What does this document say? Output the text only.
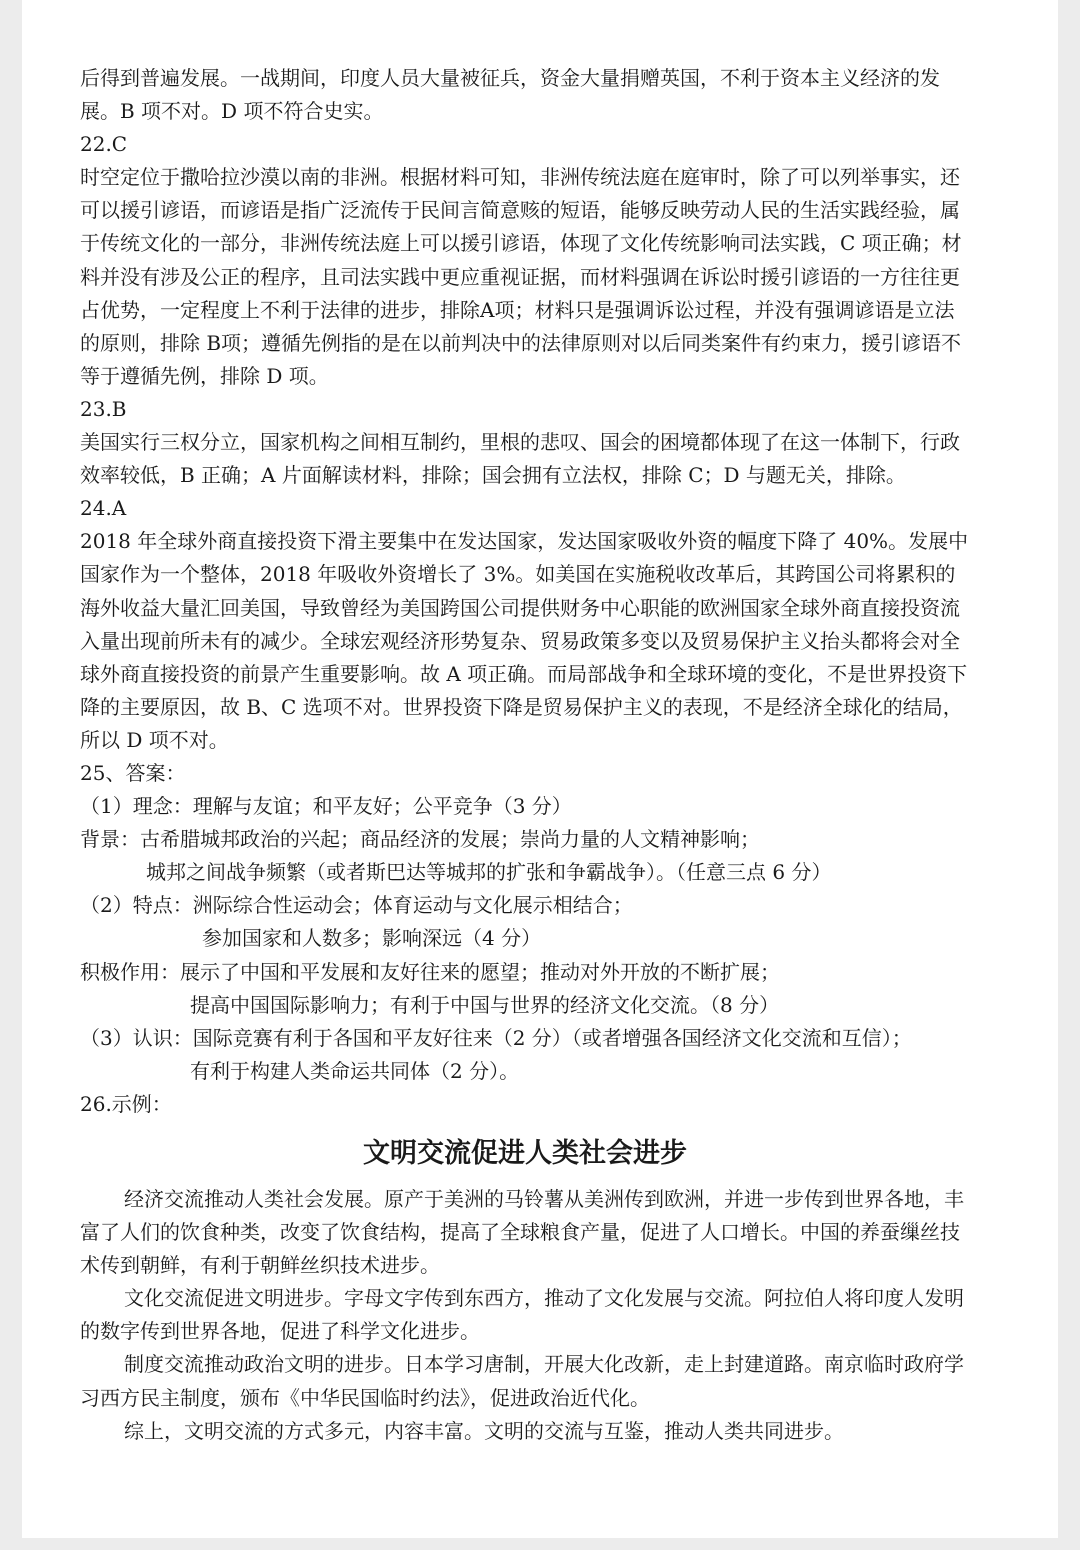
后得到普遍发展。一战期间，印度人员大量被征兵，资金大量捐赠英国，不利于资本主义经济的发展。B 项不对。D 项不符合史实。

22.C

时空定位于撒哈拉沙漠以南的非洲。根据材料可知，非洲传统法庭在庭审时，除了可以列举事实，还可以援引谚语，而谚语是指广泛流传于民间言简意赅的短语，能够反映劳动人民的生活实践经验，属于传统文化的一部分，非洲传统法庭上可以援引谚语，体现了文化传统影响司法实践，C 项正确；材料并没有涉及公正的程序，且司法实践中更应重视证据，而材料强调在诉讼时援引谚语的一方往往更占优势，一定程度上不利于法律的进步，排除A项；材料只是强调诉讼过程，并没有强调谚语是立法的原则，排除 B项；遵循先例指的是在以前判决中的法律原则对以后同类案件有约束力，援引谚语不等于遵循先例，排除 D 项。

23.B

美国实行三权分立，国家机构之间相互制约，里根的悲叹、国会的困境都体现了在这一体制下，行政效率较低，B 正确；A 片面解读材料，排除；国会拥有立法权，排除 C；D 与题无关，排除。

24.A

2018 年全球外商直接投资下滑主要集中在发达国家，发达国家吸收外资的幅度下降了 40%。发展中国家作为一个整体，2018 年吸收外资增长了 3%。如美国在实施税收改革后，其跨国公司将累积的海外收益大量汇回美国，导致曾经为美国跨国公司提供财务中心职能的欧洲国家全球外商直接投资流入量出现前所未有的减少。全球宏观经济形势复杂、贸易政策多变以及贸易保护主义抬头都将会对全球外商直接投资的前景产生重要影响。故 A 项正确。而局部战争和全球环境的变化，不是世界投资下降的主要原因，故 B、C 选项不对。世界投资下降是贸易保护主义的表现，不是经济全球化的结局，所以 D 项不对。

25、答案：

（1）理念：理解与友谊；和平友好；公平竞争（3 分）

背景：古希腊城邦政治的兴起；商品经济的发展；崇尚力量的人文精神影响；

城邦之间战争频繁（或者斯巴达等城邦的扩张和争霸战争）。（任意三点 6 分）

（2）特点：洲际综合性运动会；体育运动与文化展示相结合；

参加国家和人数多；影响深远（4 分）

积极作用：展示了中国和平发展和友好往来的愿望；推动对外开放的不断扩展；

提高中国国际影响力；有利于中国与世界的经济文化交流。（8 分）

（3）认识：国际竞赛有利于各国和平友好往来（2 分）（或者增强各国经济文化交流和互信）；

有利于构建人类命运共同体（2 分）。

26.示例：

文明交流促进人类社会进步

经济交流推动人类社会发展。原产于美洲的马铃薯从美洲传到欧洲，并进一步传到世界各地，丰富了人们的饮食种类，改变了饮食结构，提高了全球粮食产量，促进了人口增长。中国的养蚕缫丝技术传到朝鲜，有利于朝鲜丝织技术进步。

文化交流促进文明进步。字母文字传到东西方，推动了文化发展与交流。阿拉伯人将印度人发明的数字传到世界各地，促进了科学文化进步。

制度交流推动政治文明的进步。日本学习唐制，开展大化改新，走上封建道路。南京临时政府学习西方民主制度，颁布《中华民国临时约法》，促进政治近代化。

综上，文明交流的方式多元，内容丰富。文明的交流与互鉴，推动人类共同进步。
